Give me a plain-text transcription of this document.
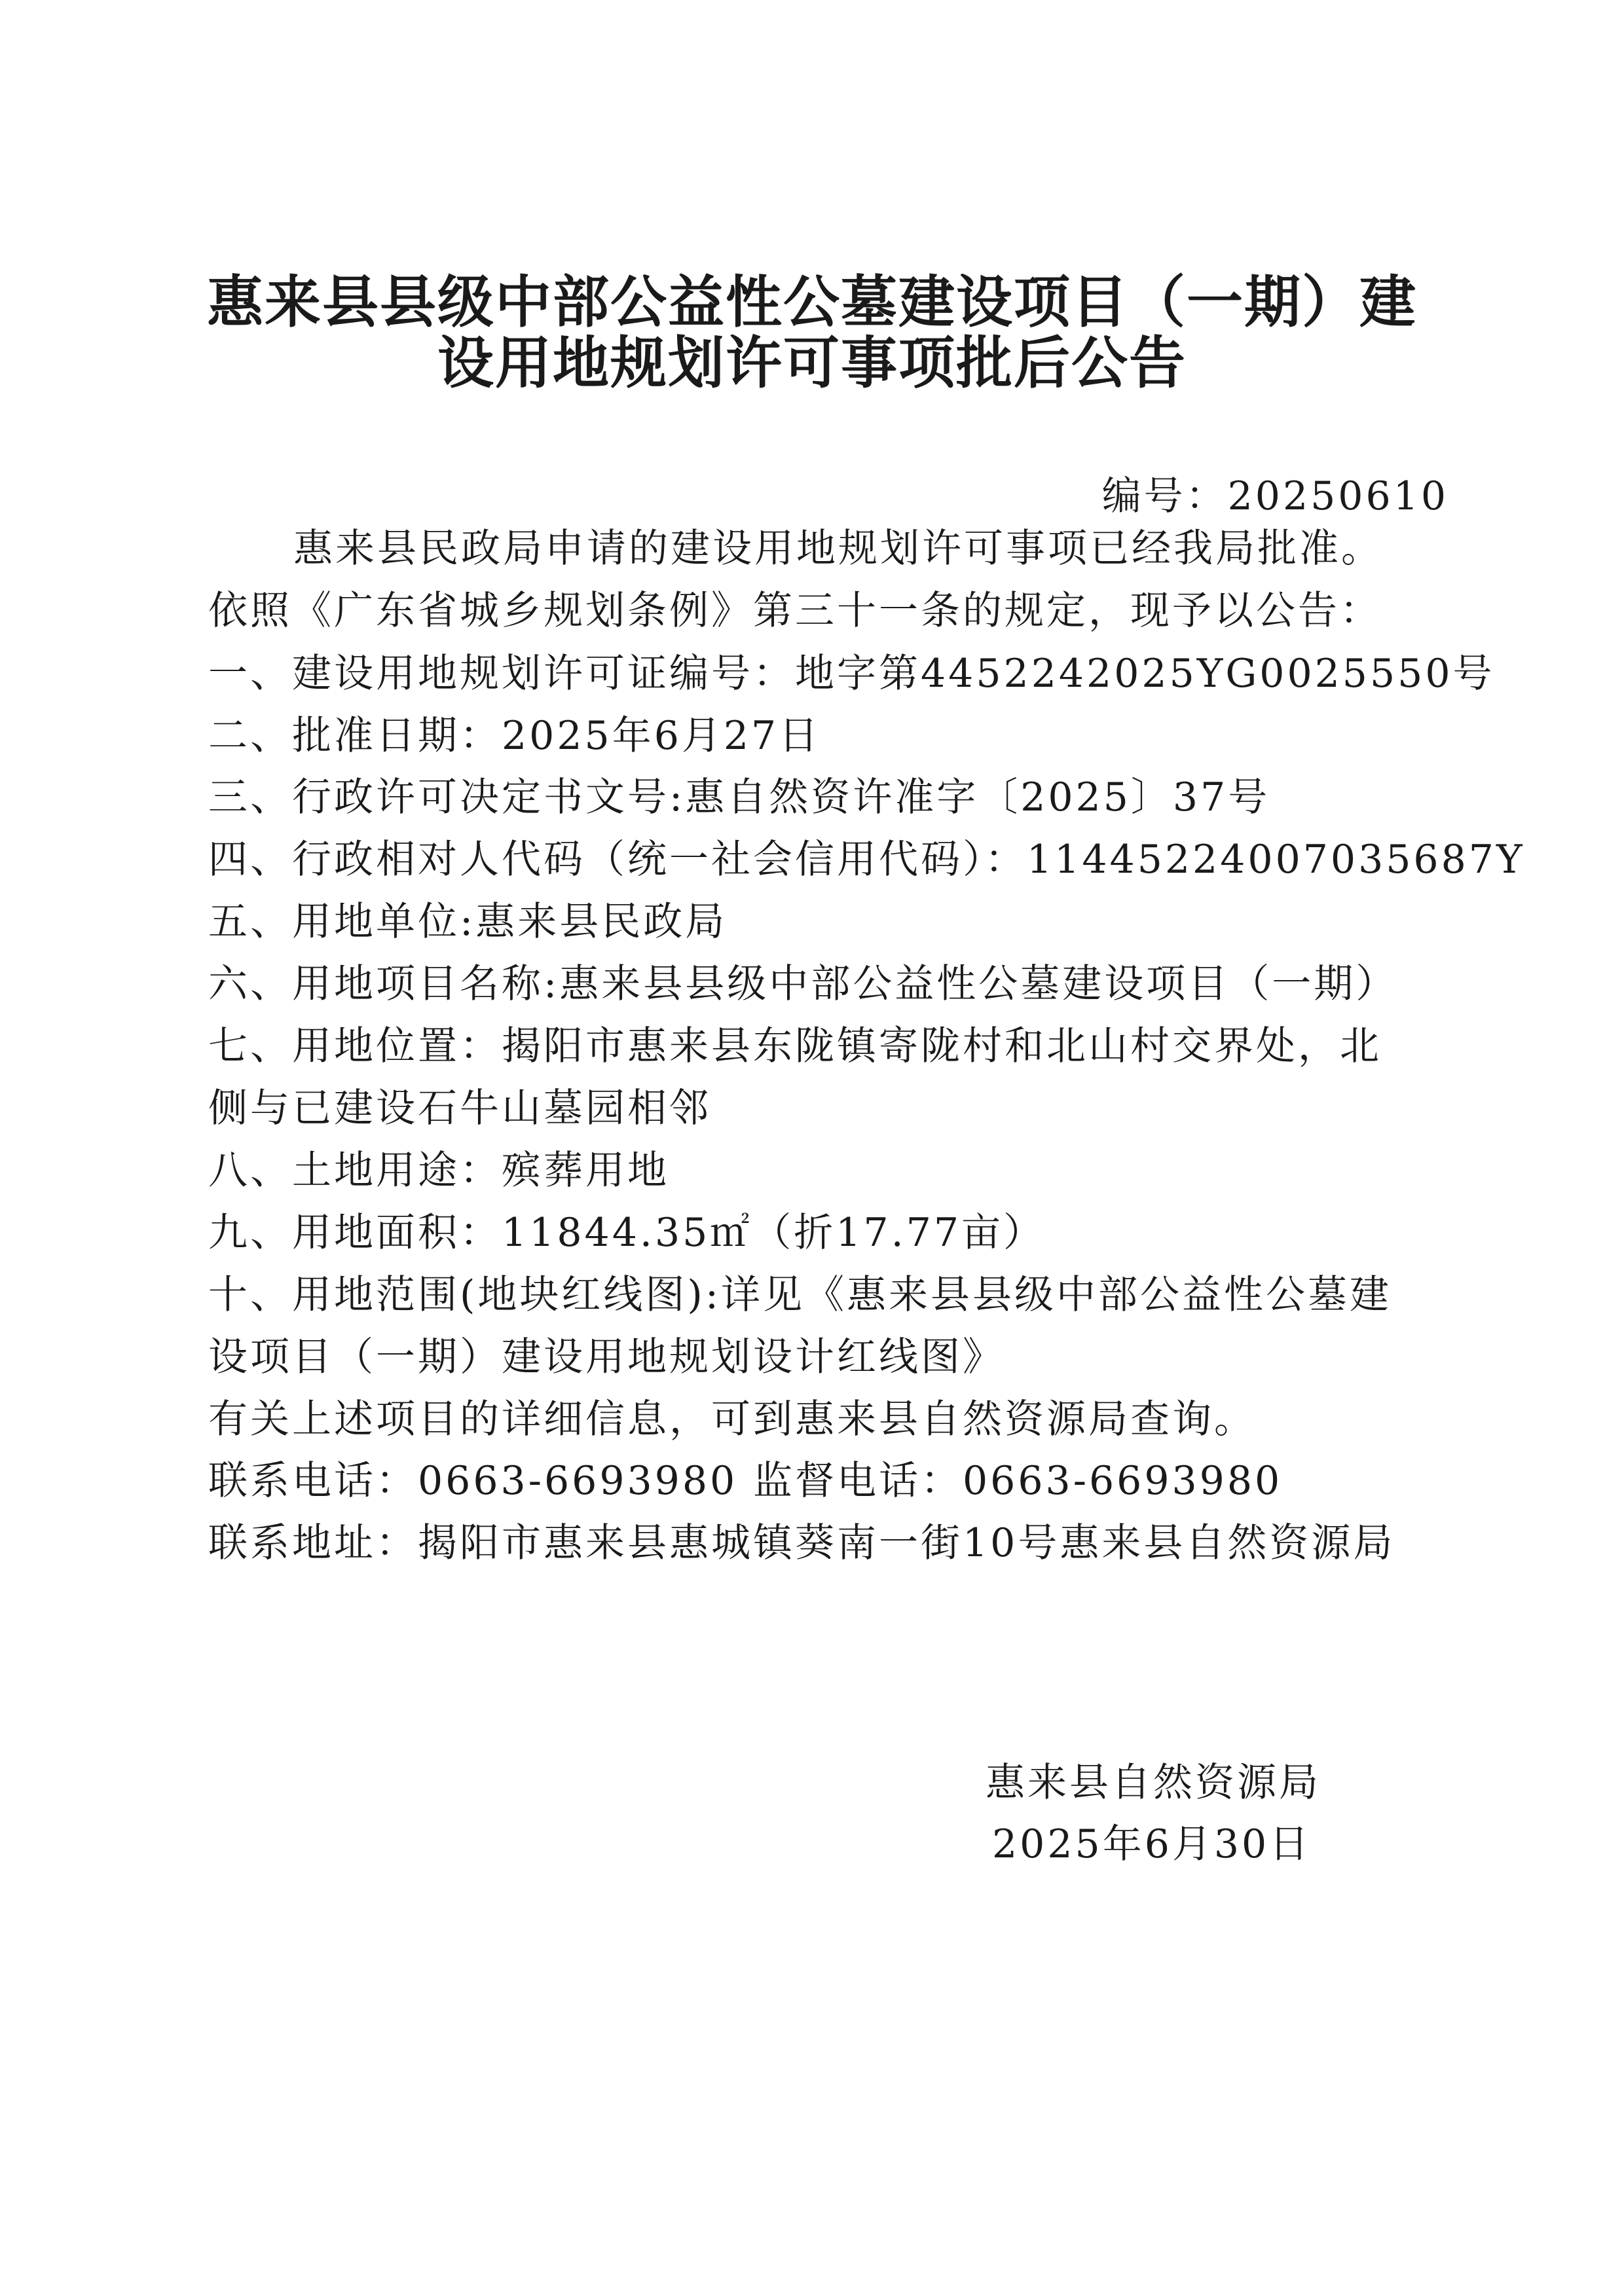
惠来县县级中部公益性公墓建设项目（一期）建
设用地规划许可事项批后公告
编号：20250610
惠来县民政局申请的建设用地规划许可事项已经我局批准。
依照《广东省城乡规划条例》第三十一条的规定，现予以公告：
一、建设用地规划许可证编号：地字第4452242025YG0025550号
二、批准日期：2025年6月27日
三、行政许可决定书文号:惠自然资许准字〔2025〕37号
四、行政相对人代码（统一社会信用代码）：11445224007035687Y
五、用地单位:惠来县民政局
六、用地项目名称:惠来县县级中部公益性公墓建设项目（一期）
七、用地位置：揭阳市惠来县东陇镇寄陇村和北山村交界处，北
侧与已建设石牛山墓园相邻
八、土地用途：殡葬用地
九、用地面积：11844.35㎡（折17.77亩）
十、用地范围(地块红线图):详见《惠来县县级中部公益性公墓建
设项目（一期）建设用地规划设计红线图》
有关上述项目的详细信息，可到惠来县自然资源局查询。
联系电话：0663-6693980 监督电话：0663-6693980
联系地址：揭阳市惠来县惠城镇葵南一街10号惠来县自然资源局
惠来县自然资源局
2025年6月30日
